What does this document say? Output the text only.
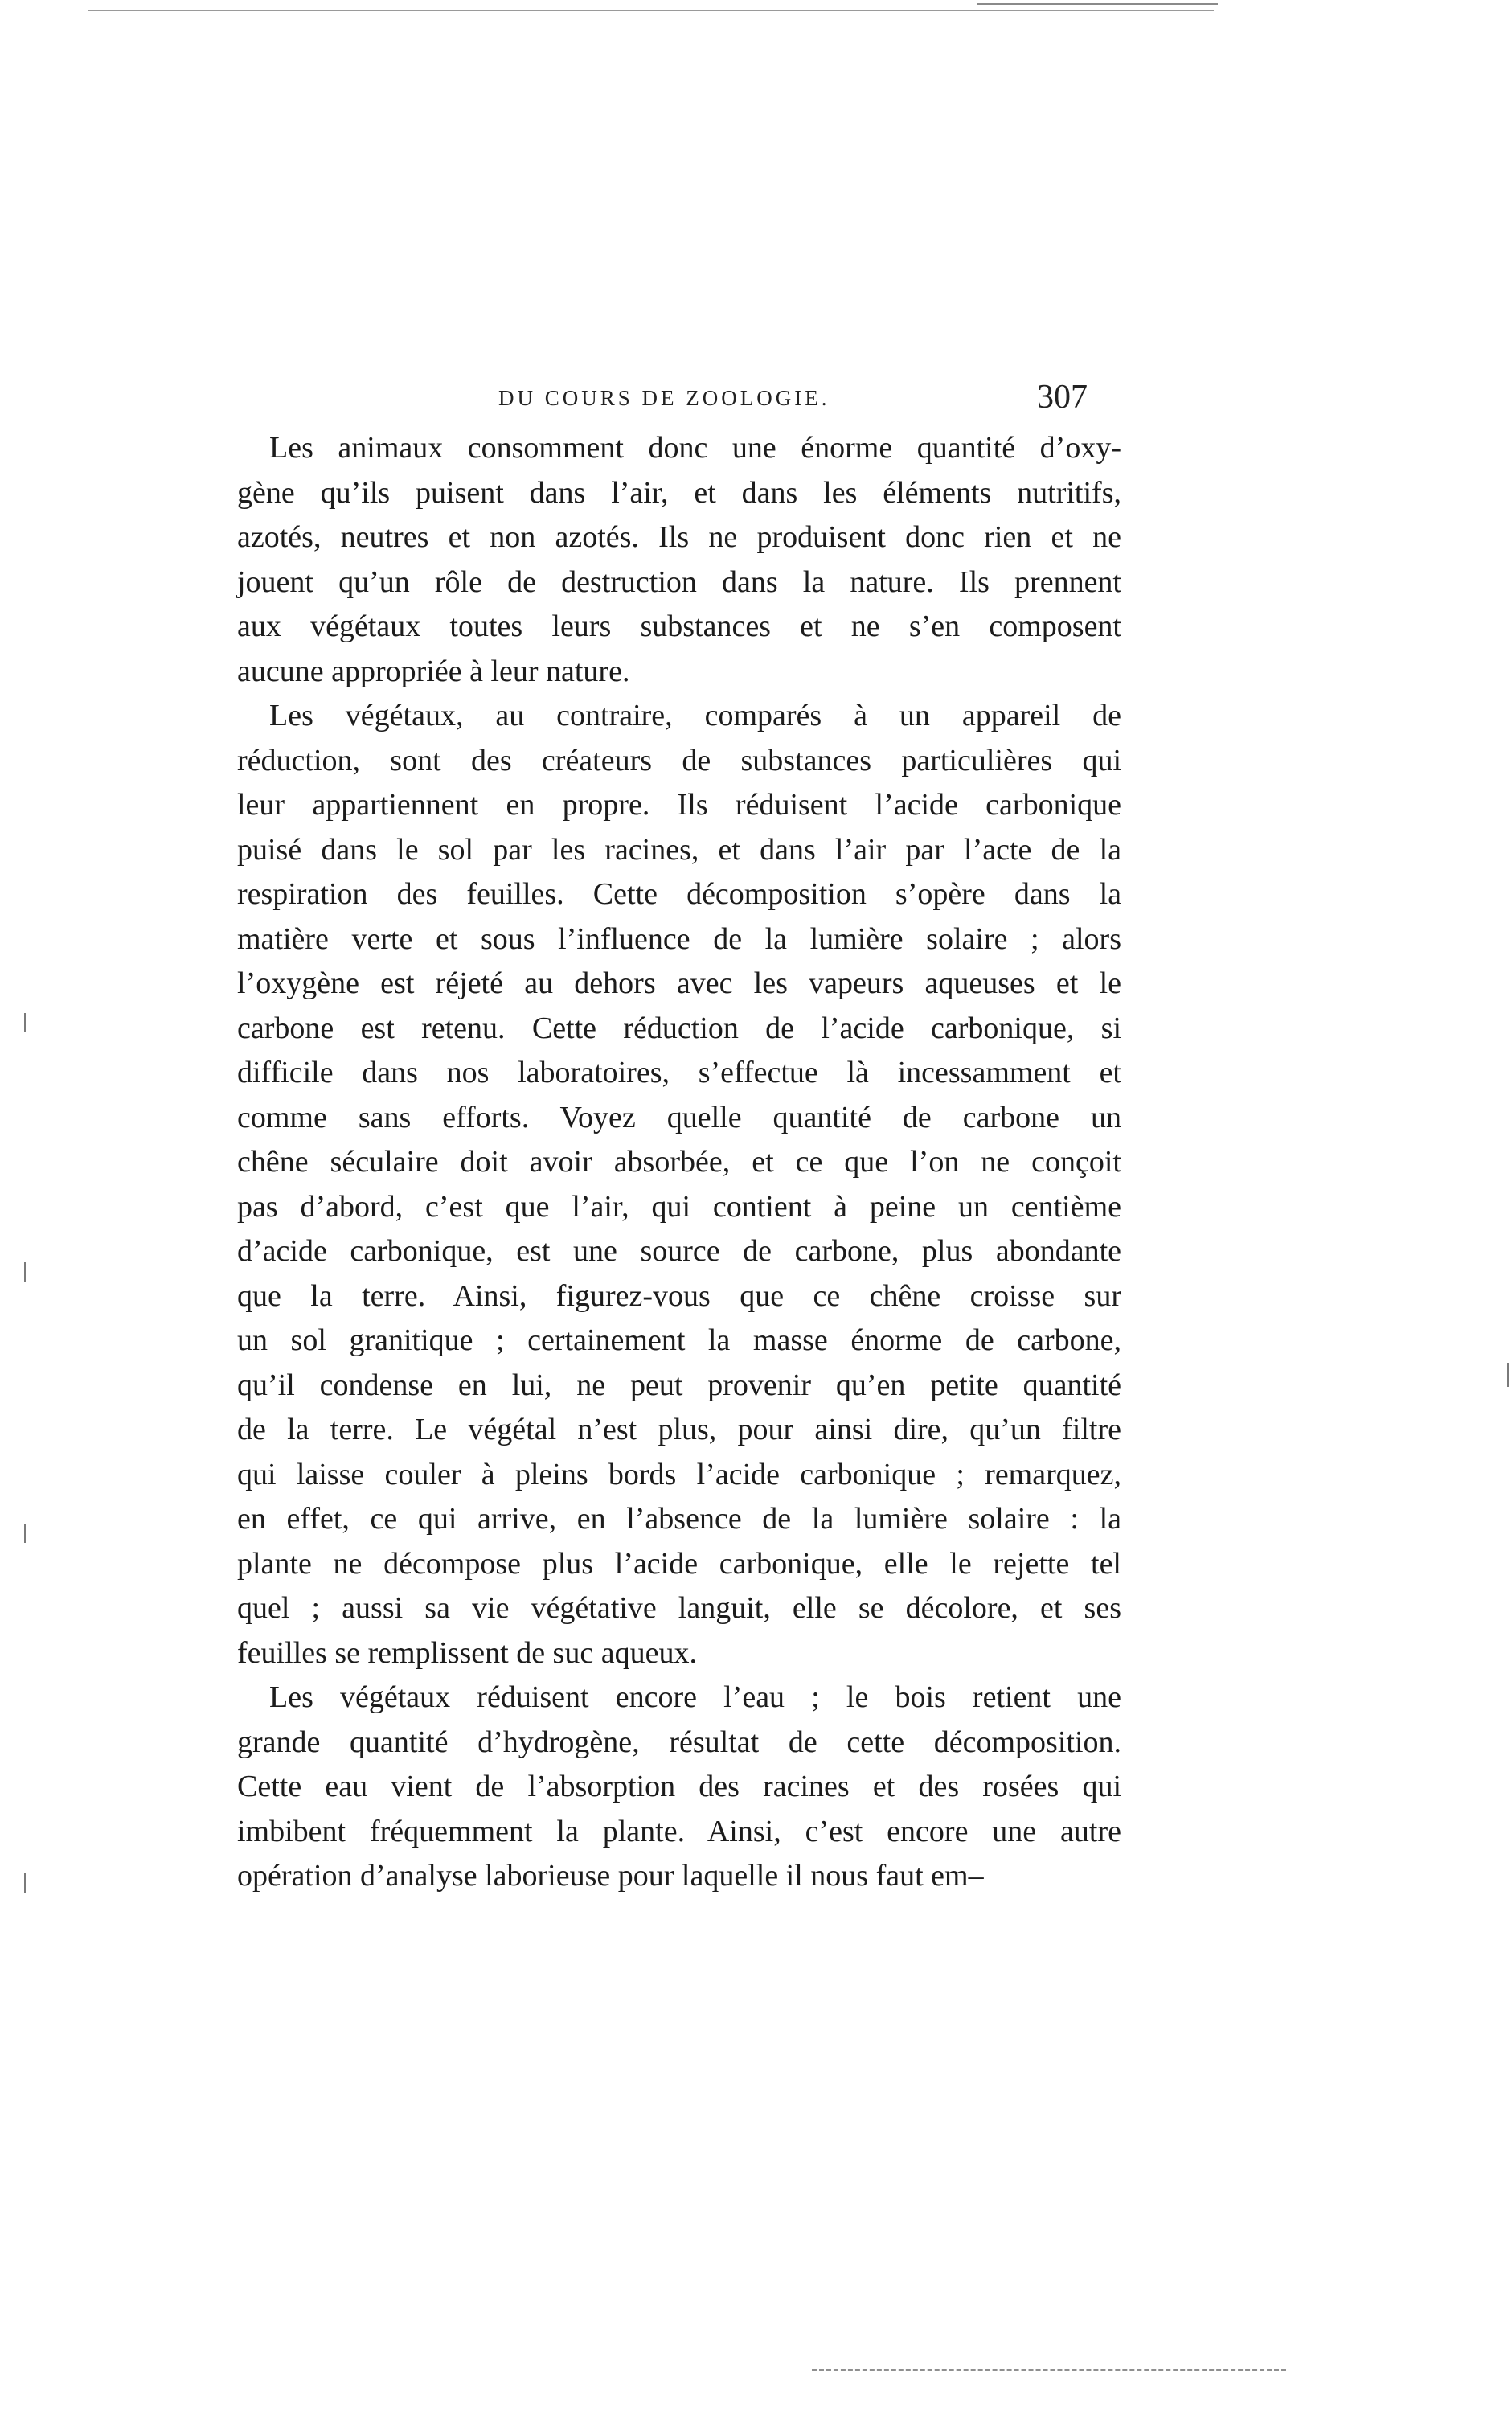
DU COURS DE ZOOLOGIE.	307

Les animaux consomment donc une énorme quantité d’oxy-
gène qu’ils puisent dans l’air, et dans les éléments nutritifs,
azotés, neutres et non azotés. Ils ne produisent donc rien et ne
jouent qu’un rôle de destruction dans la nature. Ils prennent
aux végétaux toutes leurs substances et ne s’en composent
aucune appropriée à leur nature.

Les végétaux, au contraire, comparés à un appareil de
réduction, sont des créateurs de substances particulières qui
leur appartiennent en propre. Ils réduisent l’acide carbonique
puisé dans le sol par les racines, et dans l’air par l’acte de la
respiration des feuilles. Cette décomposition s’opère dans la
matière verte et sous l’influence de la lumière solaire ; alors
l’oxygène est réjeté au dehors avec les vapeurs aqueuses et le
carbone est retenu. Cette réduction de l’acide carbonique, si
difficile dans nos laboratoires, s’effectue là incessamment et
comme sans efforts. Voyez quelle quantité de carbone un
chêne séculaire doit avoir absorbée, et ce que l’on ne conçoit
pas d’abord, c’est que l’air, qui contient à peine un centième
d’acide carbonique, est une source de carbone, plus abondante
que la terre. Ainsi, figurez-vous que ce chêne croisse sur
un sol granitique ; certainement la masse énorme de carbone,
qu’il condense en lui, ne peut provenir qu’en petite quantité
de la terre. Le végétal n’est plus, pour ainsi dire, qu’un filtre
qui laisse couler à pleins bords l’acide carbonique ; remarquez,
en effet, ce qui arrive, en l’absence de la lumière solaire : la
plante ne décompose plus l’acide carbonique, elle le rejette tel
quel ; aussi sa vie végétative languit, elle se décolore, et ses
feuilles se remplissent de suc aqueux.

Les végétaux réduisent encore l’eau ; le bois retient une
grande quantité d’hydrogène, résultat de cette décomposition.
Cette eau vient de l’absorption des racines et des rosées qui
imbibent fréquemment la plante. Ainsi, c’est encore une autre
opération d’analyse laborieuse pour laquelle il nous faut em–
